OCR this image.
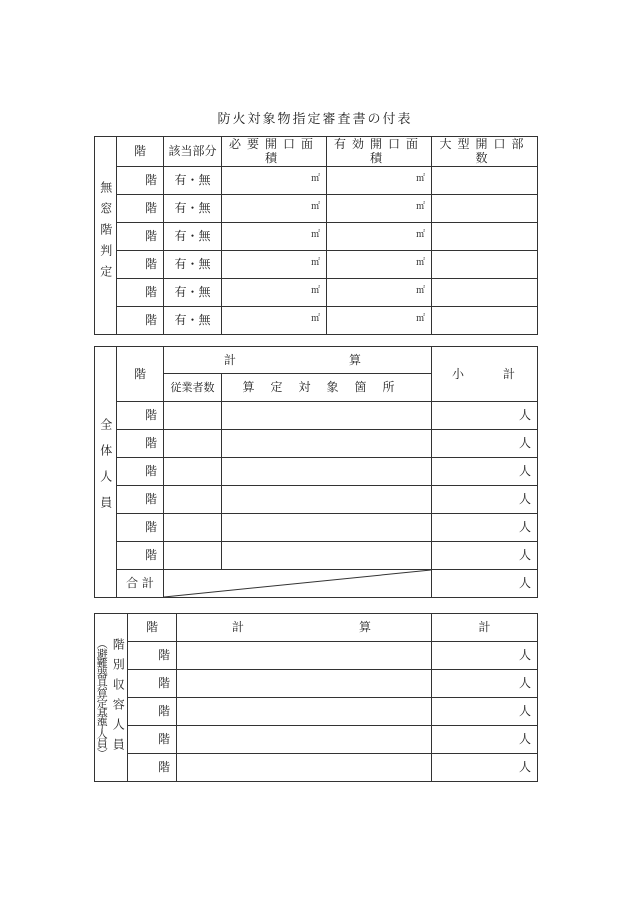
防火対象物指定審査書の付表
無窓階判定	階	該当部分	必要開口面積	有効開口面積	大型開口部数
	階	有・無	㎡	㎡	
	階	有・無	㎡	㎡	
	階	有・無	㎡	㎡	
	階	有・無	㎡	㎡	
	階	有・無	㎡	㎡	
	階	有・無	㎡	㎡	
全体人員	階	計 算		小 計

		従業者数	算定対象箇所	
	階			人
	階			人
	階			人
	階			人
	階			人
	階			人
	合 計			人
階別収容人員
（避難器具算定基準人員）	階	計 算	計
	階		人
	階		人
	階		人
	階		人
	階		人
